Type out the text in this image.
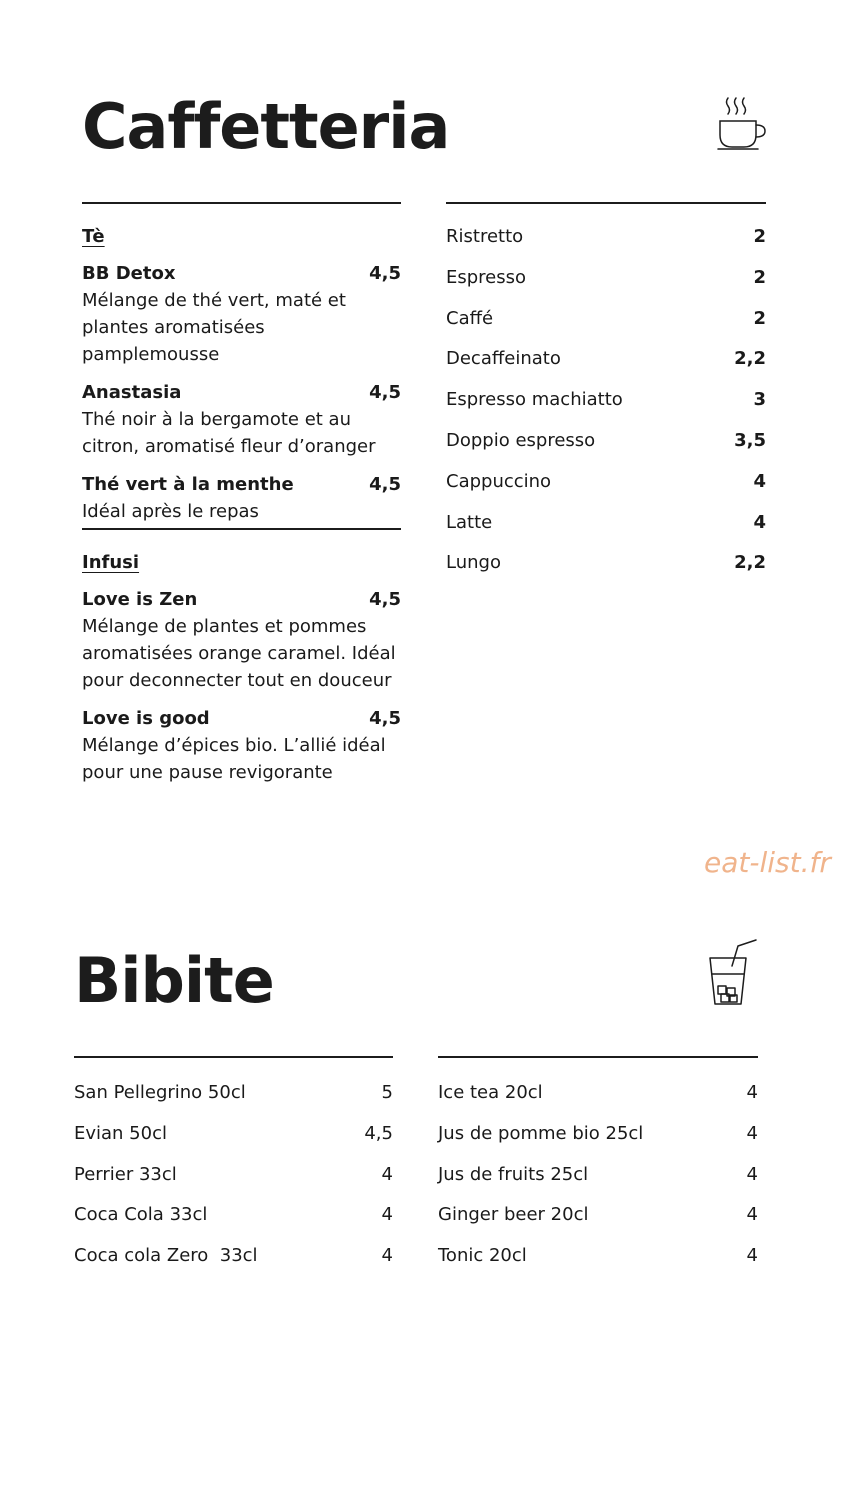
Caffetteria
Tè
BB Detox	4,5
Mélange de thé vert, maté et plantes aromatisées pamplemousse
Anastasia	4,5
Thé noir à la bergamote et au citron, aromatisé fleur d’oranger
Thé vert à la menthe	4,5
Idéal après le repas
Infusi
Love is Zen	4,5
Mélange de plantes et pommes aromatisées orange caramel. Idéal pour deconnecter tout en douceur
Love is good	4,5
Mélange d’épices bio. L’allié idéal pour une pause revigorante
Ristretto	2
Espresso	2
Caffé	2
Decaffeinato	2,2
Espresso machiatto	3
Doppio espresso	3,5
Cappuccino	4
Latte	4
Lungo	2,2
eat-list.fr
Bibite
San Pellegrino 50cl	5
Evian 50cl	4,5
Perrier 33cl	4
Coca Cola 33cl	4
Coca cola Zero  33cl	4
Ice tea 20cl	4
Jus de pomme bio 25cl	4
Jus de fruits 25cl	4
Ginger beer 20cl	4
Tonic 20cl	4
